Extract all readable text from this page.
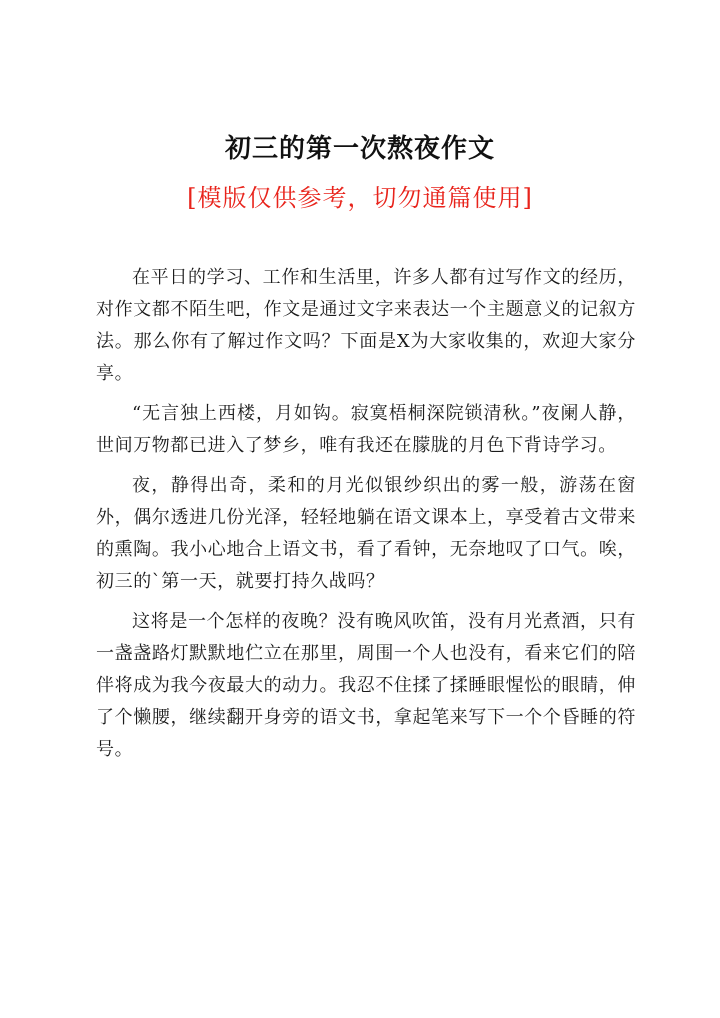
初三的第一次熬夜作文
[模版仅供参考，切勿通篇使用]

在平日的学习、工作和生活里，许多人都有过写作文的经历，对作文都不陌生吧，作文是通过文字来表达一个主题意义的记叙方法。那么你有了解过作文吗？下面是X为大家收集的，欢迎大家分享。

“无言独上西楼，月如钩。寂寞梧桐深院锁清秋。”夜阑人静，世间万物都已进入了梦乡，唯有我还在朦胧的月色下背诗学习。

夜，静得出奇，柔和的月光似银纱织出的雾一般，游荡在窗外，偶尔透进几份光泽，轻轻地躺在语文课本上，享受着古文带来的熏陶。我小心地合上语文书，看了看钟，无奈地叹了口气。唉，初三的`第一天，就要打持久战吗？

这将是一个怎样的夜晚？没有晚风吹笛，没有月光煮酒，只有一盏盏路灯默默地伫立在那里，周围一个人也没有，看来它们的陪伴将成为我今夜最大的动力。我忍不住揉了揉睡眼惺忪的眼睛，伸了个懒腰，继续翻开身旁的语文书，拿起笔来写下一个个昏睡的符号。
